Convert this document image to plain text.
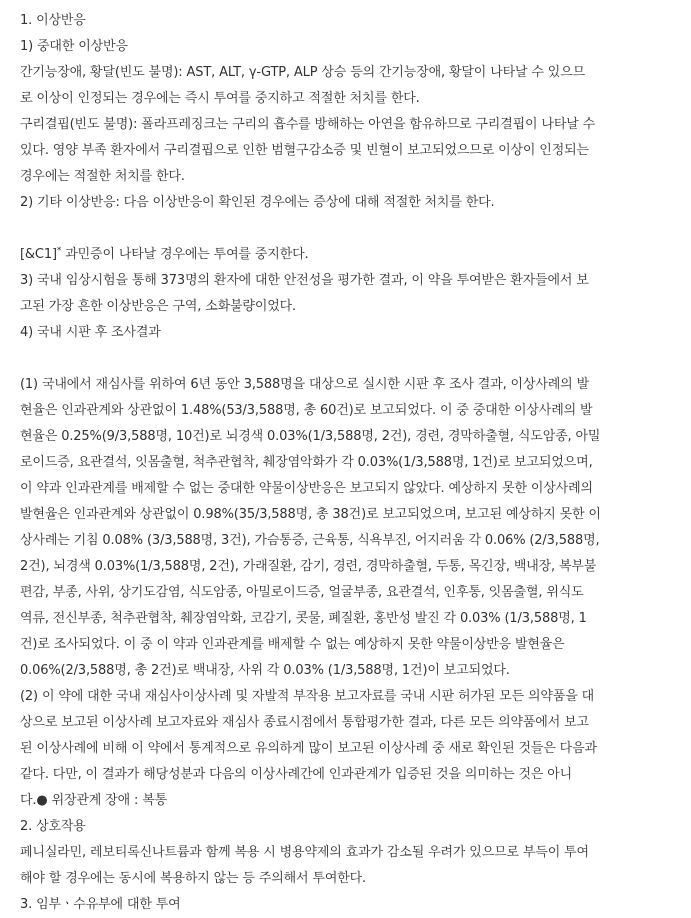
1. 이상반응
1) 중대한 이상반응
간기능장애, 황달(빈도 불명): AST, ALT, γ-GTP, ALP 상승 등의 간기능장애, 황달이 나타날 수 있으므
로 이상이 인정되는 경우에는 즉시 투여를 중지하고 적절한 처치를 한다.
구리결핍(빈도 불명): 폴라프레징크는 구리의 흡수를 방해하는 아연을 함유하므로 구리결핍이 나타날 수
있다. 영양 부족 환자에서 구리결핍으로 인한 범혈구감소증 및 빈혈이 보고되었으므로 이상이 인정되는
경우에는 적절한 처치를 한다.
2) 기타 이상반응: 다음 이상반응이 확인된 경우에는 증상에 대해 적절한 처치를 한다.
[&C1]* 과민증이 나타날 경우에는 투여를 중지한다.
3) 국내 임상시험을 통해 373명의 환자에 대한 안전성을 평가한 결과, 이 약을 투여받은 환자들에서 보
고된 가장 흔한 이상반응은 구역, 소화불량이었다.
4) 국내 시판 후 조사결과
(1) 국내에서 재심사를 위하여 6년 동안 3,588명을 대상으로 실시한 시판 후 조사 결과, 이상사례의 발
현율은 인과관계와 상관없이 1.48%(53/3,588명, 총 60건)로 보고되었다. 이 중 중대한 이상사례의 발
현율은 0.25%(9/3,588명, 10건)로 뇌경색 0.03%(1/3,588명, 2건), 경련, 경막하출혈, 식도암종, 아밀
로이드증, 요관결석, 잇몸출혈, 척추관협착, 췌장염악화가 각 0.03%(1/3,588명, 1건)로 보고되었으며,
이 약과 인과관계를 배제할 수 없는 중대한 약물이상반응은 보고되지 않았다. 예상하지 못한 이상사례의
발현율은 인과관계와 상관없이 0.98%(35/3,588명, 총 38건)로 보고되었으며, 보고된 예상하지 못한 이
상사례는 기침 0.08% (3/3,588명, 3건), 가슴통증, 근육통, 식욕부진, 어지러움 각 0.06% (2/3,588명,
2건), 뇌경색 0.03%(1/3,588명, 2건), 가래질환, 감기, 경련, 경막하출혈, 두통, 목긴장, 백내장, 복부불
편감, 부종, 사위, 상기도감염, 식도암종, 아밀로이드증, 얼굴부종, 요관결석, 인후통, 잇몸출혈, 위식도
역류, 전신부종, 척추관협착, 췌장염악화, 코감기, 콧물, 폐질환, 홍반성 발진 각 0.03% (1/3,588명, 1
건)로 조사되었다. 이 중 이 약과 인과관계를 배제할 수 없는 예상하지 못한 약물이상반응 발현율은
0.06%(2/3,588명, 총 2건)로 백내장, 사위 각 0.03% (1/3,588명, 1건)이 보고되었다.
(2) 이 약에 대한 국내 재심사이상사례 및 자발적 부작용 보고자료를 국내 시판 허가된 모든 의약품을 대
상으로 보고된 이상사례 보고자료와 재심사 종료시점에서 통합평가한 결과, 다른 모든 의약품에서 보고
된 이상사례에 비해 이 약에서 통계적으로 유의하게 많이 보고된 이상사례 중 새로 확인된 것들은 다음과
같다. 다만, 이 결과가 해당성분과 다음의 이상사례간에 인과관계가 입증된 것을 의미하는 것은 아니
다.● 위장관계 장애 : 복통
2. 상호작용
페니실라민, 레보티록신나트륨과 함께 복용 시 병용약제의 효과가 감소될 우려가 있으므로 부득이 투여
해야 할 경우에는 동시에 복용하지 않는 등 주의해서 투여한다.
3. 임부ㆍ수유부에 대한 투여
